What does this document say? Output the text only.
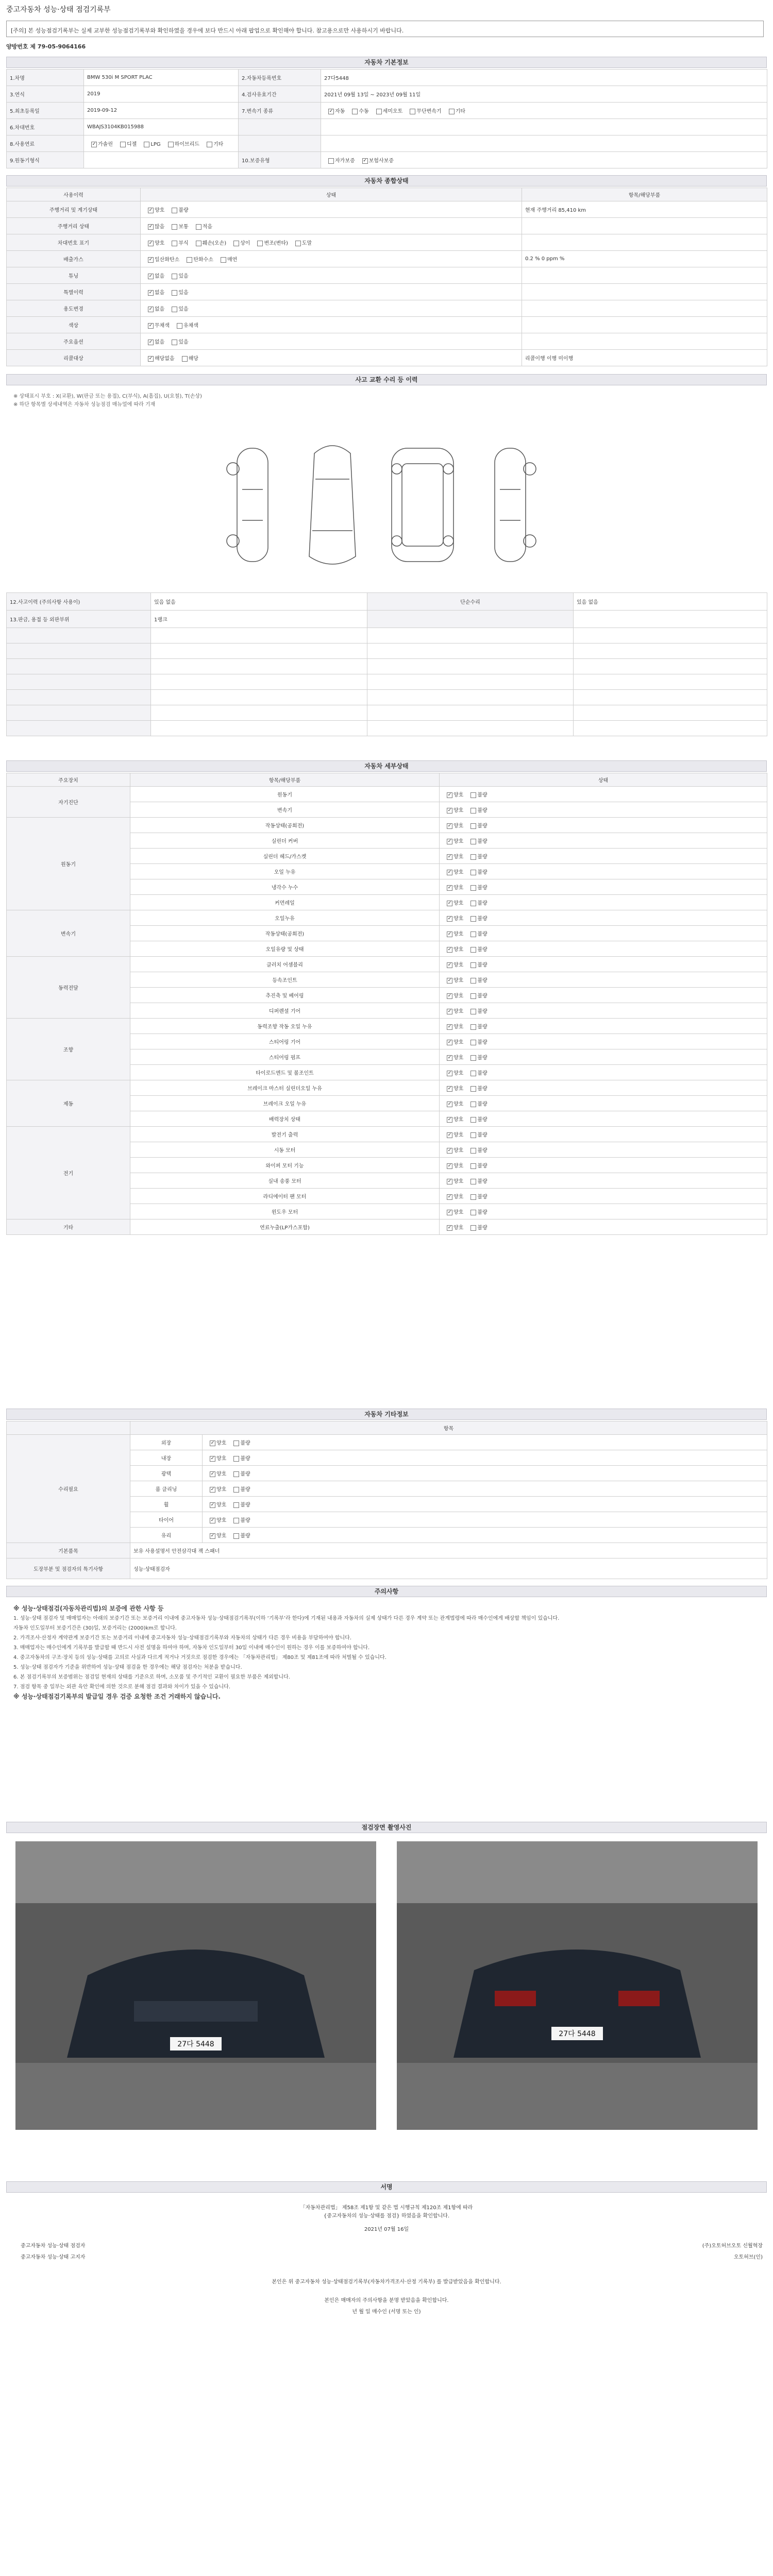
중고자동차 성능·상태 점검기록부
[주의] 본 성능점검기록부는 실제 교부한 성능점검기록부와 확인하였을 경우에 보다 반드시 아래 팝업으로 확인해야 합니다. 참고용으로만 사용하시기 바랍니다.
양방번호 제 79-05-9064166
자동차 기본정보
1.차명	BMW 530i M SPORT PLAC	2.자동차등록번호	27다5448
3.연식	2019	4.검사유효기간	2021년 09월 13일 ~ 2023년 09월 11일
5.최초등록일	2019-09-12	7.변속기 종류	✓자동 수동 세미오토 무단변속기 기타
6.차대번호	WBAJS3104KB015988		
8.사용연료	✓가솔린 디젤 LPG 하이브리드 기타		
9.원동기형식		10.보증유형	자가보증 ✓ 보험사보증
자동차 종합상태
사용이력	상태	항목/해당부품
주행거리 및 계기상태	✓양호 불량	현재 주행거리 85,410 km
주행거리 상태	✓많음 보통 적음	
차대번호 표기	✓양호 부식 훼손(오손) 상이 변조(변타) 도말	
배출가스	✓일산화탄소 탄화수소 매연	0.2 % 0 ppm %
튜닝	✓없음 있음	
특별이력	✓없음 있음	
용도변경	✓없음 있음	
색상	✓무채색 유채색	
주요옵션	✓없음 있음	
리콜대상	✓해당없음 해당	리콜이행 이행 미이행
사고 교환 수리 등 이력
※ 상태표시 부호 : X(교환), W(판금 또는 용접), C(부식), A(흠집), U(요철), T(손상)
※ 하단 항목별 상세내역은 자동차 성능점검 매뉴얼에 따라 기재
12.사고이력 (주의사항 사용이)	있음 없음	단순수리	있음 없음
13.판금, 용접 등 외판부위	1랭크		

자동차 세부상태
주요장치	항목/해당부품	상태
자기진단	원동기	✓양호 불량
	변속기	✓양호 불량
원동기	작동상태(공회전)	✓양호 불량
	실린더 커버	✓양호 불량
	실린더 헤드/가스켓	✓양호 불량
	오일 누유	✓양호 불량
	냉각수 누수	✓양호 불량
	커먼레일	✓양호 불량
변속기	오일누유	✓양호 불량
	작동상태(공회전)	✓양호 불량
	오일유량 및 상태	✓양호 불량
동력전달	클러치 어셈블리	✓양호 불량
	등속조인트	✓양호 불량
	추진축 및 베어링	✓양호 불량
	디퍼렌셜 기어	✓양호 불량
조향	동력조향 작동 오일 누유	✓양호 불량
	스티어링 기어	✓양호 불량
	스티어링 펌프	✓양호 불량
	타이로드엔드 및 볼조인트	✓양호 불량
제동	브레이크 마스터 실린더오일 누유	✓양호 불량
	브레이크 오일 누유	✓양호 불량
	배력장치 상태	✓양호 불량
전기	발전기 출력	✓양호 불량
	시동 모터	✓양호 불량
	와이퍼 모터 기능	✓양호 불량
	실내 송풍 모터	✓양호 불량
	라디에이터 팬 모터	✓양호 불량
	윈도우 모터	✓양호 불량
기타	연료누출(LP가스포함)	✓양호 불량
자동차 기타정보
	항목	
수리필요	외장	✓양호 불량
	내장	✓양호 불량
	광택	✓양호 불량
	룸 클리닝	✓양호 불량
	휠	✓양호 불량
	타이어	✓양호 불량
	유리	✓양호 불량
기본품목	보유 사용설명서 안전삼각대 잭 스패너	
도장부분 및 점검자의 특기사항	성능·상태점검자	
주의사항
※ 성능·상태점검(자동차관리법)의 보증에 관한 사항 등
1. 성능·상태 점검자 및 매매업자는 아래의 보증기간 또는 보증거리 이내에 중고자동차 성능·상태점검기록부(이하 ‘기록부’라 한다)에 기재된 내용과 자동차의 실제 상태가 다른 경우 계약 또는 관계법령에 따라 매수인에게 배상할 책임이 있습니다.
자동차 인도일부터 보증기간은 (30)일, 보증거리는 (2000)km로 합니다.
2. 가격조사·산정자 계약관계 보증기간 또는 보증거리 이내에 중고자동차 성능·상태점검기록부와 자동차의 상태가 다른 경우 비용을 부담하여야 합니다.
3. 매매업자는 매수인에게 기록부를 발급할 때 반드시 사전 설명을 하여야 하며, 자동차 인도일부터 30일 이내에 매수인이 원하는 경우 이를 보증하여야 합니다.
4. 중고자동차의 구조·장치 등의 성능·상태를 고의로 사실과 다르게 적거나 거짓으로 점검한 경우에는 「자동차관리법」 제80조 및 제81조에 따라 처벌될 수 있습니다.
5. 성능·상태 점검자가 기준을 위반하여 성능·상태 점검을 한 경우에는 해당 점검자는 처분을 받습니다.
6. 본 점검기록부의 보증범위는 점검일 현재의 상태를 기준으로 하며, 소모품 및 주기적인 교환이 필요한 부품은 제외합니다.
7. 점검 항목 중 일부는 외관 육안 확인에 의한 것으로 분해 점검 결과와 차이가 있을 수 있습니다.
※ 성능·상태점검기록부의 발급일 경우 검증 요청한 조건 거래하지 않습니다.
점검장면 촬영사진
27다 5448
27다 5448
서명
「자동차관리법」 제58조 제1항 및 같은 법 시행규칙 제120조 제1항에 따라
{중고자동차의 성능·상태를 점검} 하였음을 확인합니다.
2021년 07월 16일
중고자동차 성능·상태 점검자	(주)오토허브오토 신월혁장
중고자동차 성능·상태 고지자	오토허브(인)
본인은 위 중고자동차 성능·상태점검기록부(자동차가격조사·산정 기록부) 를 발급받았음을 확인합니다.
본인은 매매자의 주의사항을 분명 받았음을 확인합니다.
년 월 일 매수인 (서명 또는 인)
